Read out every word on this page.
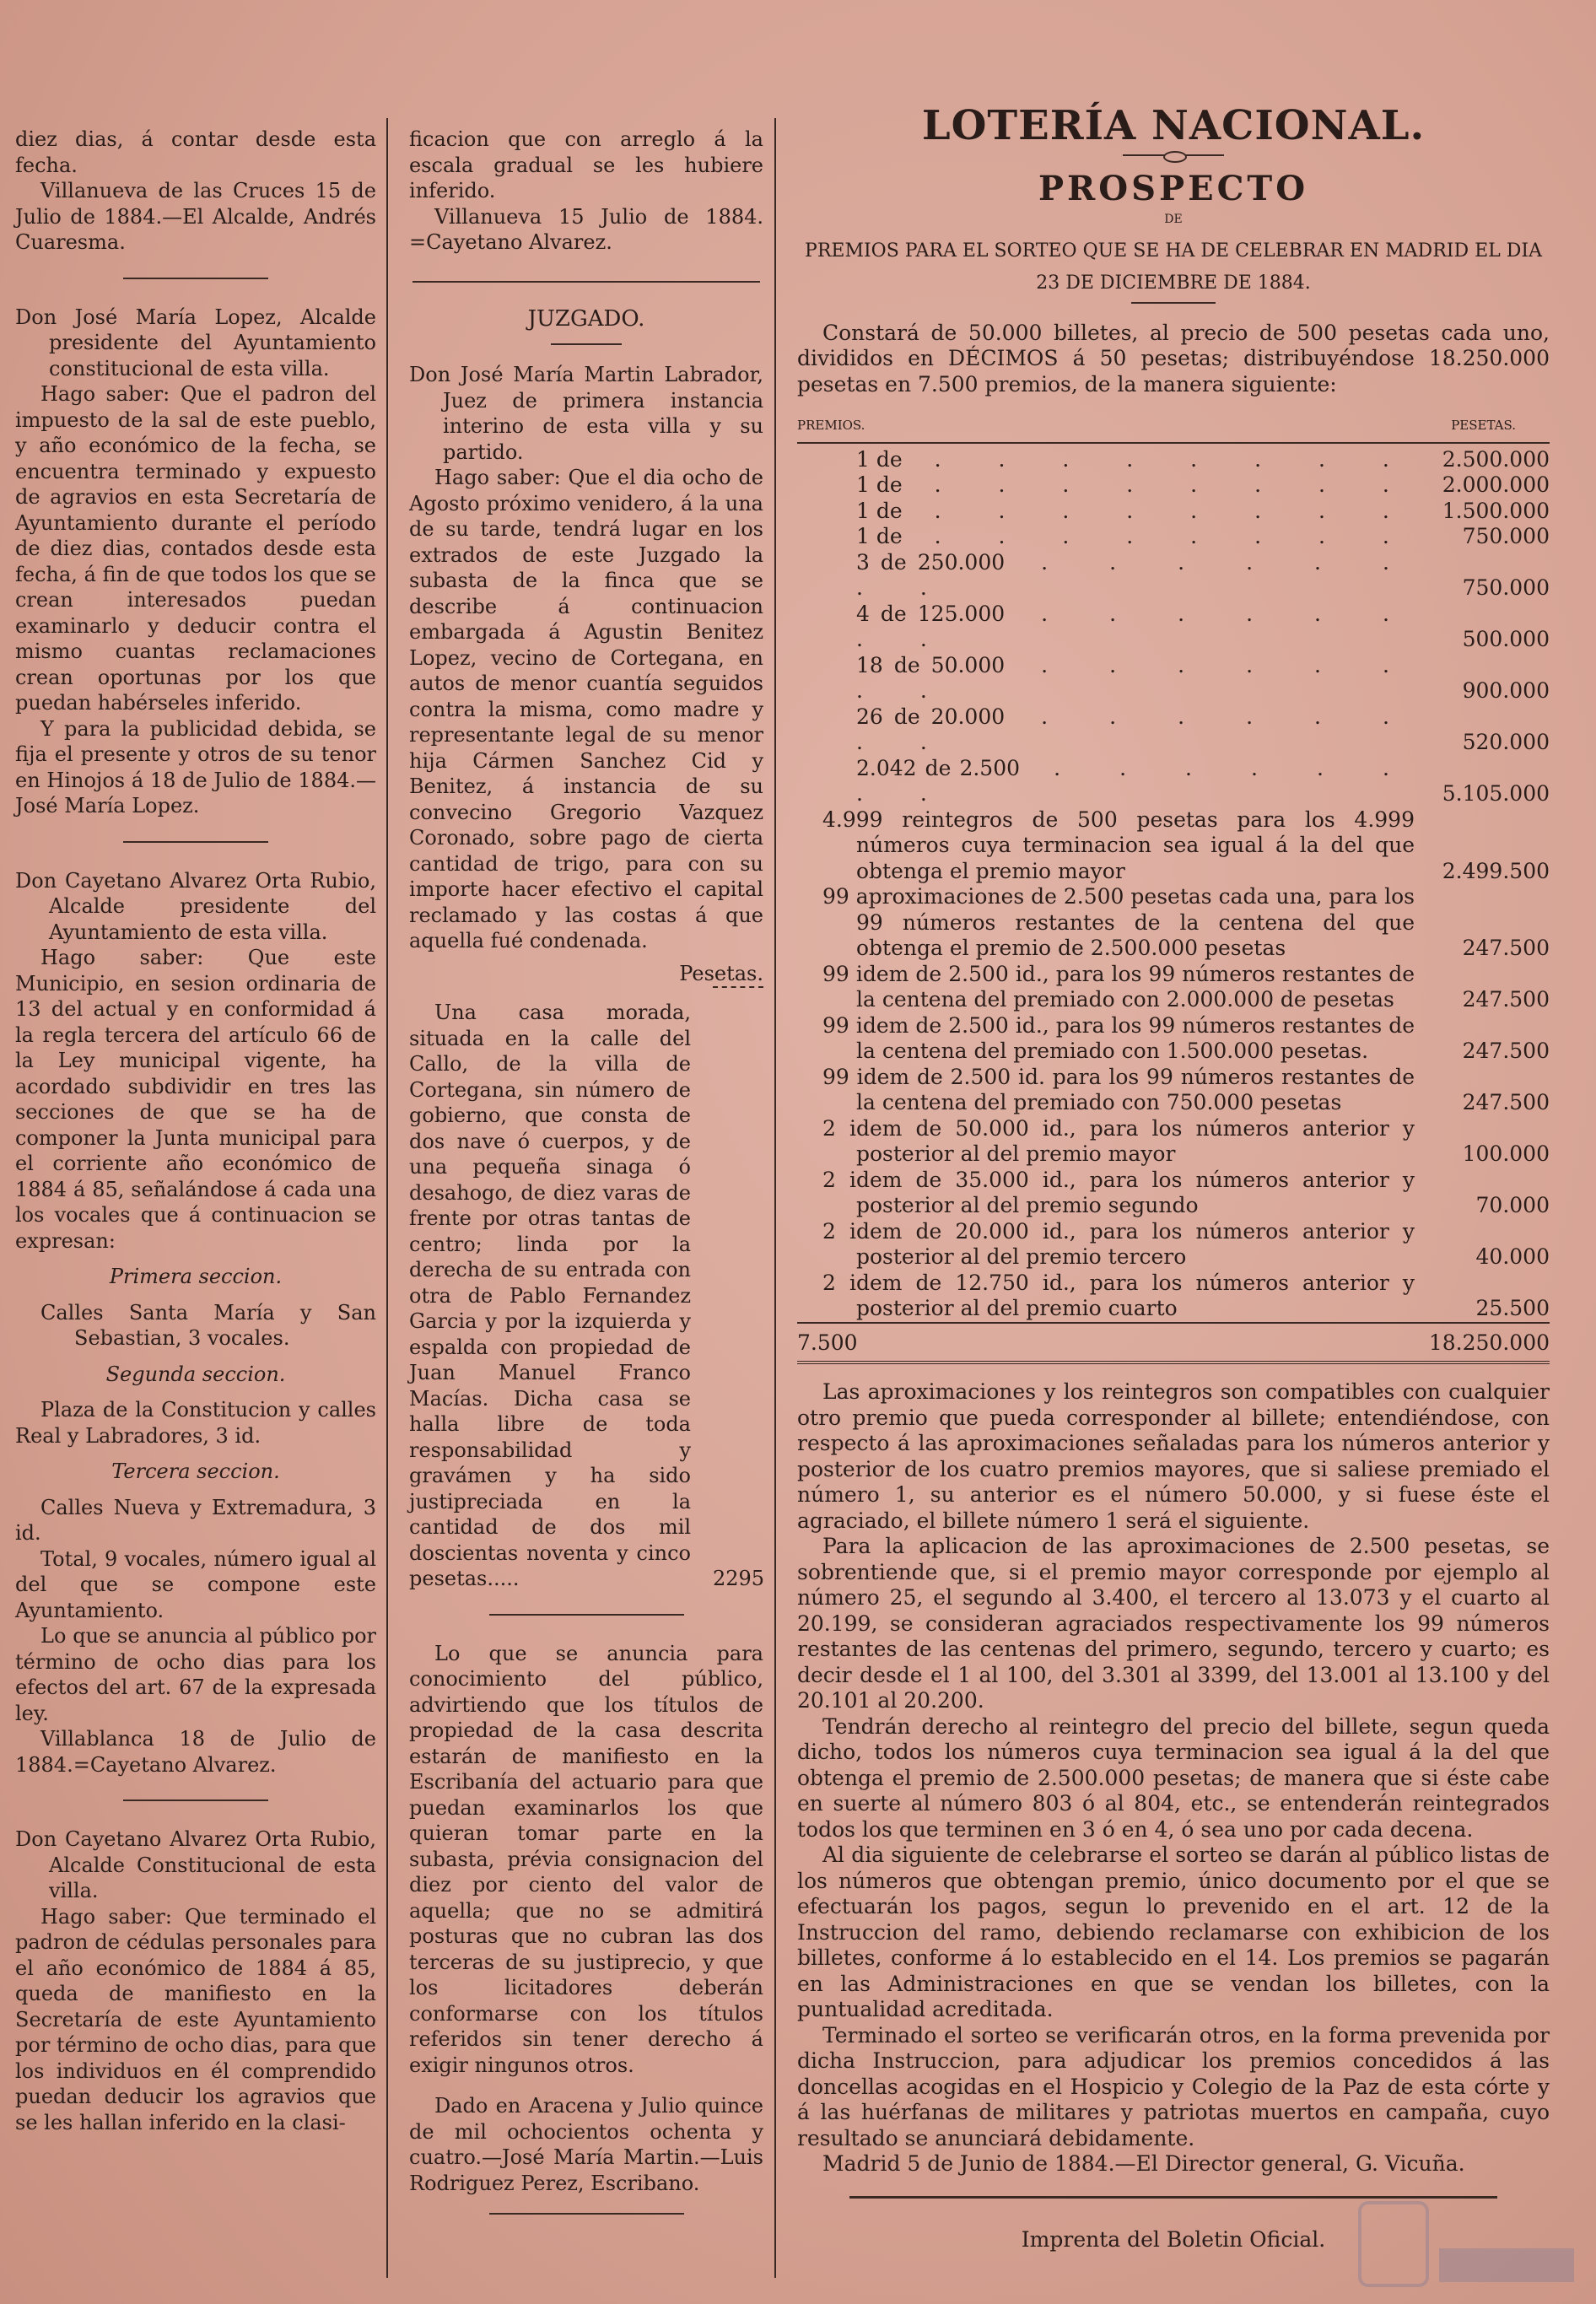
diez dias, á contar desde esta fecha.

Villanueva de las Cruces 15 de Julio de 1884.—El Alcalde, Andrés Cuaresma.

Don José María Lopez, Alcalde presidente del Ayuntamiento constitucional de esta villa.

Hago saber: Que el padron del impuesto de la sal de este pueblo, y año económico de la fecha, se encuentra terminado y expuesto de agravios en esta Secretaría de Ayuntamiento durante el período de diez dias, contados desde esta fecha, á fin de que todos los que se crean interesados puedan examinarlo y deducir contra el mismo cuantas reclamaciones crean oportunas por los que puedan habérseles inferido.

Y para la publicidad debida, se fija el presente y otros de su tenor en Hinojos á 18 de Julio de 1884.—José María Lopez.

Don Cayetano Alvarez Orta Rubio, Alcalde presidente del Ayuntamiento de esta villa.

Hago saber: Que este Municipio, en sesion ordinaria de 13 del actual y en conformidad á la regla tercera del artículo 66 de la Ley municipal vigente, ha acordado subdividir en tres las secciones de que se ha de componer la Junta municipal para el corriente año económico de 1884 á 85, señalándose á cada una los vocales que á continuacion se expresan:

Primera seccion.

Calles Santa María y San Sebastian, 3 vocales.

Segunda seccion.

Plaza de la Constitucion y calles Real y Labradores, 3 id.

Tercera seccion.

Calles Nueva y Extremadura, 3 id.

Total, 9 vocales, número igual al del que se compone este Ayuntamiento.

Lo que se anuncia al público por término de ocho dias para los efectos del art. 67 de la expresada ley.

Villablanca 18 de Julio de 1884.=Cayetano Alvarez.

Don Cayetano Alvarez Orta Rubio, Alcalde Constitucional de esta villa.

Hago saber: Que terminado el padron de cédulas personales para el año económico de 1884 á 85, queda de manifiesto en la Secretaría de este Ayuntamiento por término de ocho dias, para que los individuos en él comprendido puedan deducir los agravios que se les hallan inferido en la clasi-

ficacion que con arreglo á la escala gradual se les hubiere inferido.

Villanueva 15 Julio de 1884. =Cayetano Alvarez.

JUZGADO.

Don José María Martin Labrador, Juez de primera instancia interino de esta villa y su partido.

Hago saber: Que el dia ocho de Agosto próximo venidero, á la una de su tarde, tendrá lugar en los extrados de este Juzgado la subasta de la finca que se describe á continuacion embargada á Agustin Benitez Lopez, vecino de Cortegana, en autos de menor cuantía seguidos contra la misma, como madre y representante legal de su menor hija Cármen Sanchez Cid y Benitez, á instancia de su convecino Gregorio Vazquez Coronado, sobre pago de cierta cantidad de trigo, para con su importe hacer efectivo el capital reclamado y las costas á que aquella fué condenada.

Pesetas.

Una casa morada, situada en la calle del Callo, de la villa de Cortegana, sin número de gobierno, que consta de dos nave ó cuerpos, y de una pequeña sinaga ó desahogo, de diez varas de frente por otras tantas de centro; linda por la derecha de su entrada con otra de Pablo Fernandez Garcia y por la izquierda y espalda con propiedad de Juan Manuel Franco Macías. Dicha casa se halla libre de toda responsabilidad y gravámen y ha sido justipreciada en la cantidad de dos mil doscientas noventa y cinco pesetas.....	2295

Lo que se anuncia para conocimiento del público, advirtiendo que los títulos de propiedad de la casa descrita estarán de manifiesto en la Escribanía del actuario para que puedan examinarlos los que quieran tomar parte en la subasta, prévia consignacion del diez por ciento del valor de aquella; que no se admitirá posturas que no cubran las dos terceras de su justiprecio, y que los licitadores deberán conformarse con los títulos referidos sin tener derecho á exigir ningunos otros.

Dado en Aracena y Julio quince de mil ochocientos ochenta y cuatro.—José María Martin.—Luis Rodriguez Perez, Escribano.

LOTERÍA NACIONAL.
PROSPECTO

DE

PREMIOS PARA EL SORTEO QUE SE HA DE CELEBRAR EN MADRID EL DIA

23 DE DICIEMBRE DE 1884.

Constará de 50.000 billetes, al precio de 500 pesetas cada uno, divididos en DÉCIMOS á 50 pesetas; distribuyéndose 18.250.000 pesetas en 7.500 premios, de la manera siguiente:

PREMIOS.	PESETAS.
1 de . . . . . . . .	2.500.000
1 de . . . . . . . .	2.000.000
1 de . . . . . . . .	1.500.000
1 de . . . . . . . .	750.000
3 de 250.000 . . . . . . . .	750.000
4 de 125.000 . . . . . . . .	500.000
18 de 50.000 . . . . . . . .	900.000
26 de 20.000 . . . . . . . .	520.000
2.042 de 2.500 . . . . . . . .	5.105.000
4.999 reintegros de 500 pesetas para los 4.999 números cuya terminacion sea igual á la del que obtenga el premio mayor	2.499.500
99 aproximaciones de 2.500 pesetas cada una, para los 99 números restantes de la centena del que obtenga el premio de 2.500.000 pesetas	247.500
99 idem de 2.500 id., para los 99 números restantes de la centena del premiado con 2.000.000 de pesetas	247.500
99 idem de 2.500 id., para los 99 números restantes de la centena del premiado con 1.500.000 pesetas.	247.500
99 idem de 2.500 id. para los 99 números restantes de la centena del premiado con 750.000 pesetas	247.500
2 idem de 50.000 id., para los números anterior y posterior al del premio mayor	100.000
2 idem de 35.000 id., para los números anterior y posterior al del premio segundo	70.000
2 idem de 20.000 id., para los números anterior y posterior al del premio tercero	40.000
2 idem de 12.750 id., para los números anterior y posterior al del premio cuarto	25.500
7.500	18.250.000

Las aproximaciones y los reintegros son compatibles con cualquier otro premio que pueda corresponder al billete; entendiéndose, con respecto á las aproximaciones señaladas para los números anterior y posterior de los cuatro premios mayores, que si saliese premiado el número 1, su anterior es el número 50.000, y si fuese éste el agraciado, el billete número 1 será el siguiente.

Para la aplicacion de las aproximaciones de 2.500 pesetas, se sobrentiende que, si el premio mayor corresponde por ejemplo al número 25, el segundo al 3.400, el tercero al 13.073 y el cuarto al 20.199, se consideran agraciados respectivamente los 99 números restantes de las centenas del primero, segundo, tercero y cuarto; es decir desde el 1 al 100, del 3.301 al 3399, del 13.001 al 13.100 y del 20.101 al 20.200.

Tendrán derecho al reintegro del precio del billete, segun queda dicho, todos los números cuya terminacion sea igual á la del que obtenga el premio de 2.500.000 pesetas; de manera que si éste cabe en suerte al número 803 ó al 804, etc., se entenderán reintegrados todos los que terminen en 3 ó en 4, ó sea uno por cada decena.

Al dia siguiente de celebrarse el sorteo se darán al público listas de los números que obtengan premio, único documento por el que se efectuarán los pagos, segun lo prevenido en el art. 12 de la Instruccion del ramo, debiendo reclamarse con exhibicion de los billetes, conforme á lo establecido en el 14. Los premios se pagarán en las Administraciones en que se vendan los billetes, con la puntualidad acreditada.

Terminado el sorteo se verificarán otros, en la forma prevenida por dicha Instruccion, para adjudicar los premios concedidos á las doncellas acogidas en el Hospicio y Colegio de la Paz de esta córte y á las huérfanas de militares y patriotas muertos en campaña, cuyo resultado se anunciará debidamente.

Madrid 5 de Junio de 1884.—El Director general, G. Vicuña.

Imprenta del Boletin Oficial.
